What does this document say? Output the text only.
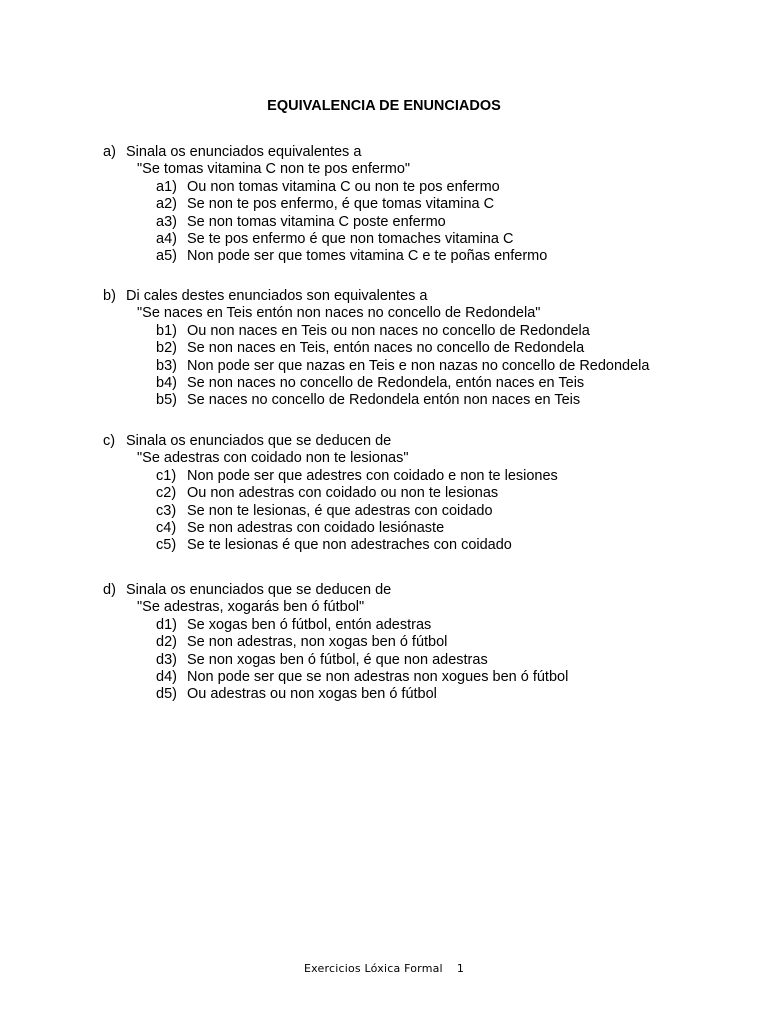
EQUIVALENCIA DE ENUNCIADOS
a) Sinala os enunciados equivalentes a
"Se tomas vitamina C non te pos enfermo"
a1) Ou non tomas vitamina C ou non te pos enfermo
a2) Se non te pos enfermo, é que tomas vitamina C
a3) Se non tomas vitamina C poste enfermo
a4) Se te pos enfermo é que non tomaches vitamina C
a5) Non pode ser que tomes vitamina C e te poñas enfermo
b) Di cales destes enunciados son equivalentes a
"Se naces en Teis entón non naces no concello de Redondela"
b1) Ou non naces en Teis ou non naces no concello de Redondela
b2) Se non naces en Teis, entón naces no concello de Redondela
b3) Non pode ser que nazas en Teis e non nazas no concello de Redondela
b4) Se non naces no concello de Redondela, entón naces en Teis
b5) Se naces no concello de Redondela entón non naces en Teis
c) Sinala os enunciados que se deducen de
"Se adestras con coidado non te lesionas"
c1) Non pode ser que adestres con coidado e non te lesiones
c2) Ou non adestras con coidado ou non te lesionas
c3) Se non te lesionas, é que adestras con coidado
c4) Se non adestras con coidado lesiónaste
c5) Se te lesionas é que non adestraches con coidado
d) Sinala os enunciados que se deducen de
"Se adestras, xogarás ben ó fútbol"
d1) Se xogas ben ó fútbol, entón adestras
d2) Se non adestras, non xogas ben ó fútbol
d3) Se non xogas ben ó fútbol, é que non adestras
d4) Non pode ser que se non adestras non xogues ben ó fútbol
d5) Ou adestras ou non xogas ben ó fútbol
Exercicios Lóxica Formal 1
